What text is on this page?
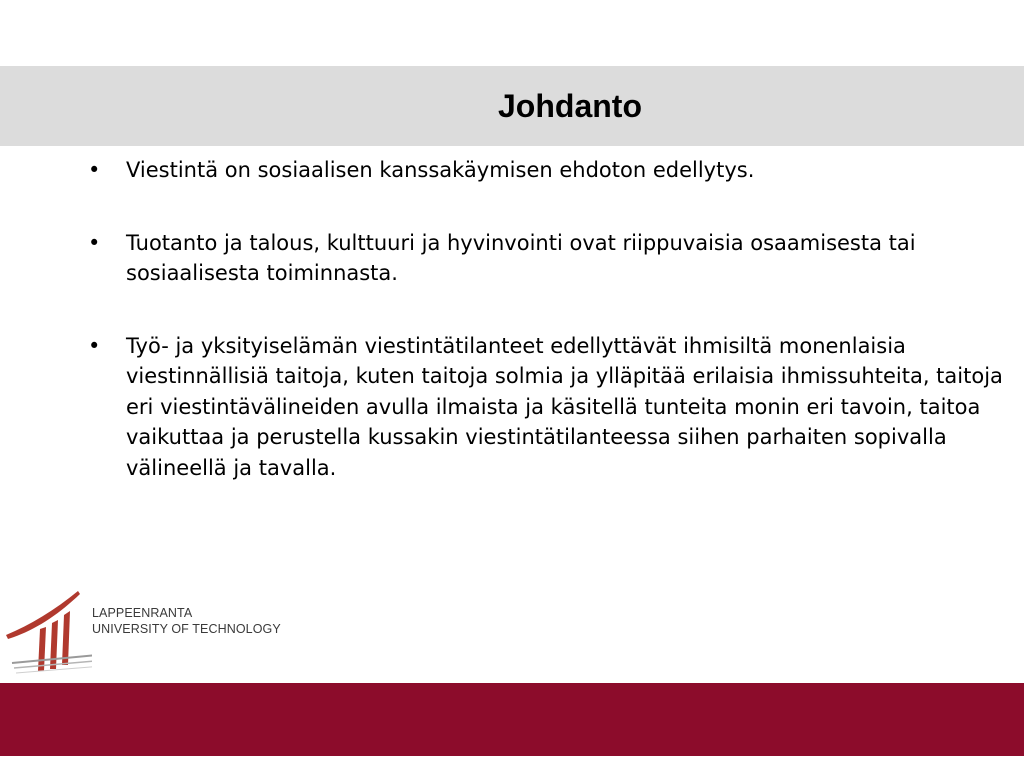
Johdanto
•	Viestintä on sosiaalisen kanssakäymisen ehdoton edellytys.
•	Tuotanto ja talous, kulttuuri ja hyvinvointi ovat riippuvaisia osaamisesta tai sosiaalisesta toiminnasta.
•	Työ- ja yksityiselämän viestintätilanteet edellyttävät ihmisiltä monenlaisia viestinnällisiä taitoja, kuten taitoja solmia ja ylläpitää erilaisia ihmissuhteita, taitoja eri viestintävälineiden avulla ilmaista ja käsitellä tunteita monin eri tavoin, taitoa vaikuttaa ja perustella kussakin viestintätilanteessa siihen parhaiten sopivalla välineellä ja tavalla.
LAPPEENRANTA
UNIVERSITY OF TECHNOLOGY
